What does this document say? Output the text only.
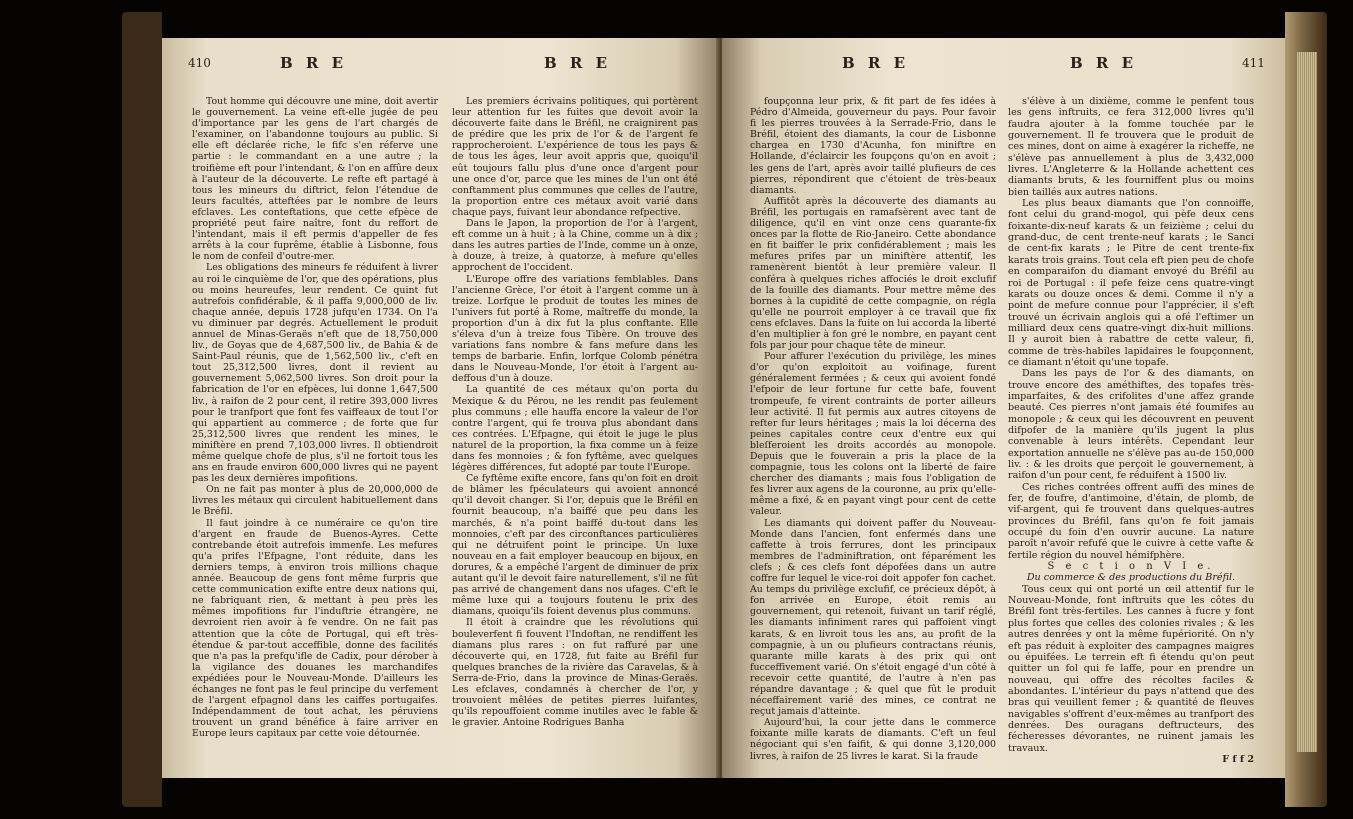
410	B R E	B R E

Tout homme qui découvre une mine, doit avertir le gouvernement. La veine eft-elle jugée de peu d'importance par les gens de l'art chargés de l'examiner, on l'abandonne toujours au public. Si elle eft déclarée riche, le fifc s'en réferve une partie : le commandant en a une autre ; la troifième eft pour l'intendant, & l'on en affûre deux à l'auteur de la découverte. Le refte eft partagé à tous les mineurs du diftrict, felon l'étendue de leurs facultés, atteftées par le nombre de leurs efclaves. Les conteftations, que cette efpèce de propriété peut faire naître, font du reffort de l'intendant, mais il eft permis d'appeller de fes arrêts à la cour fuprême, établie à Lisbonne, fous le nom de confeil d'outre-mer.

Les obligations des mineurs fe réduifent à livrer au roi le cinquième de l'or, que des opérations, plus ou moins heureufes, leur rendent. Ce quint fut autrefois confidérable, & il paffa 9,000,000 de liv. chaque année, depuis 1728 jufqu'en 1734. On l'a vu diminuer par degrés. Actuellement le produit annuel de Minas-Geraës n'eft que de 18,750,000 liv., de Goyas que de 4,687,500 liv., de Bahia & de Saint-Paul réunis, que de 1,562,500 liv., c'eft en tout 25,312,500 livres, dont il revient au gouvernement 5,062,500 livres. Son droit pour la fabrication de l'or en efpèces, lui donne 1,647,500 liv., à raifon de 2 pour cent, il retire 393,000 livres pour le tranfport que font fes vaiffeaux de tout l'or qui appartient au commerce ; de forte que fur 25,312,500 livres que rendent les mines, le miniftère en prend 7,103,000 livres. Il obtiendroit même quelque chofe de plus, s'il ne fortoit tous les ans en fraude environ 600,000 livres qui ne payent pas les deux dernières impofitions.

On ne fait pas monter à plus de 20,000,000 de livres les métaux qui circulent habituellement dans le Bréfil.

Il faut joindre à ce numéraire ce qu'on tire d'argent en fraude de Buenos-Ayres. Cette contrebande étoit autrefois immenfe. Les mefures qu'a prifes l'Efpagne, l'ont réduite, dans les derniers temps, à environ trois millions chaque année. Beaucoup de gens font même furpris que cette communication exifte entre deux nations qui, ne fabriquant rien, & mettant à peu près les mêmes impofitions fur l'induftrie étrangère, ne devroient rien avoir à fe vendre. On ne fait pas attention que la côte de Portugal, qui eft très-étendue & par-tout acceffible, donne des facilités que n'a pas la prefqu'ifle de Cadix, pour dérober à la vigilance des douanes les marchandifes expédiées pour le Nouveau-Monde. D'ailleurs les échanges ne font pas le feul principe du verfement de l'argent efpagnol dans les caiffes portugaifes. Indépendamment de tout achat, les péruviens trouvent un grand bénéfice à faire arriver en Europe leurs capitaux par cette voie détournée.

Les premiers écrivains politiques, qui portèrent leur attention fur les fuites que devoit avoir la découverte faite dans le Bréfil, ne craignirent pas de prédire que les prix de l'or & de l'argent fe rapprocheroient. L'expérience de tous les pays & de tous les âges, leur avoit appris que, quoiqu'il eût toujours fallu plus d'une once d'argent pour une once d'or, parce que les mines de l'un ont été conftamment plus communes que celles de l'autre, la proportion entre ces métaux avoit varié dans chaque pays, fuivant leur abondance refpective.

Dans le Japon, la proportion de l'or à l'argent, eft comme un à huit ; à la Chine, comme un à dix ; dans les autres parties de l'Inde, comme un à onze, à douze, à treize, à quatorze, à mefure qu'elles approchent de l'occident.

L'Europe offre des variations femblables. Dans l'ancienne Grèce, l'or étoit à l'argent comme un à treize. Lorfque le produit de toutes les mines de l'univers fut porté à Rome, maîtreffe du monde, la proportion d'un à dix fut la plus conftante. Elle s'éleva d'un à treize fous Tibère. On trouve des variations fans nombre & fans mefure dans les temps de barbarie. Enfin, lorfque Colomb pénétra dans le Nouveau-Monde, l'or étoit à l'argent au-deffous d'un à douze.

La quantité de ces métaux qu'on porta du Mexique & du Pérou, ne les rendit pas feulement plus communs ; elle hauffa encore la valeur de l'or contre l'argent, qui fe trouva plus abondant dans ces contrées. L'Efpagne, qui étoit le juge le plus naturel de la proportion, la fixa comme un à feize dans fes monnoies ; & fon fyftême, avec quelques légères différences, fut adopté par toute l'Europe.

Ce fyftême exifte encore, fans qu'on foit en droit de blâmer les fpéculateurs qui avoient annoncé qu'il devoit changer. Si l'or, depuis que le Bréfil en fournit beaucoup, n'a baiffé que peu dans les marchés, & n'a point baiffé du-tout dans les monnoies, c'eft par des circonftances particulières qui ne détruifent point le principe. Un luxe nouveau en a fait employer beaucoup en bijoux, en dorures, & a empêché l'argent de diminuer de prix autant qu'il le devoit faire naturellement, s'il ne fût pas arrivé de changement dans nos ufages. C'eft le même luxe qui a toujours foutenu le prix des diamans, quoiqu'ils foient devenus plus communs.

Il étoit à craindre que les révolutions qui bouleverfent fi fouvent l'Indoftan, ne rendiffent les diamans plus rares : on fut raffuré par une découverte qui, en 1728, fut faite au Bréfil fur quelques branches de la rivière das Caravelas, & à Serra-de-Frio, dans la province de Minas-Geraës. Les efclaves, condamnés à chercher de l'or, y trouvoient mêlées de petites pierres luifantes, qu'ils repouffoient comme inutiles avec le fable & le gravier. Antoine Rodrigues Banha

B R E	B R E	411

foupçonna leur prix, & fit part de fes idées à Pédro d'Almeida, gouverneur du pays. Pour favoir fi les pierres trouvées à la Serrade-Frio, dans le Bréfil, étoient des diamants, la cour de Lisbonne chargea en 1730 d'Acunha, fon miniftre en Hollande, d'éclaircir les foupçons qu'on en avoit ; les gens de l'art, après avoir taillé plufieurs de ces pierres, répondirent que c'étoient de très-beaux diamants.

Auffitôt après la découverte des diamants au Bréfil, les portugais en ramafsèrent avec tant de diligence, qu'il en vint onze cens quarante-fix onces par la flotte de Rio-Janeiro. Cette abondance en fit baiffer le prix confidérablement ; mais les mefures prifes par un miniftère attentif, les ramenèrent bientôt à leur première valeur. Il conféra à quelques riches affociés le droit exclufif de la fouille des diamants. Pour mettre même des bornes à la cupidité de cette compagnie, on régla qu'elle ne pourroit employer à ce travail que fix cens efclaves. Dans la fuite on lui accorda la liberté d'en multiplier à fon gré le nombre, en payant cent fols par jour pour chaque tête de mineur.

Pour affurer l'exécution du privilège, les mines d'or qu'on exploitoit au voifinage, furent généralement fermées ; & ceux qui avoient fondé l'efpoir de leur fortune fur cette bafe, fouvent trompeufe, fe virent contraints de porter ailleurs leur activité. Il fut permis aux autres citoyens de refter fur leurs héritages ; mais la loi décerna des peines capitales contre ceux d'entre eux qui bleſferoient les droits accordés au monopole. Depuis que le fouverain a pris la place de la compagnie, tous les colons ont la liberté de faire chercher des diamants ; mais fous l'obligation de fes livrer aux agens de la couronne, au prix qu'elle-même a fixé, & en payant vingt pour cent de cette valeur.

Les diamants qui doivent paffer du Nouveau-Monde dans l'ancien, font enfermés dans une caffette à trois ferrures, dont les principaux membres de l'adminiftration, ont féparément les clefs ; & ces clefs font dépofées dans un autre coffre fur lequel le vice-roi doit appofer fon cachet. Au temps du privilège exclufif, ce précieux dépôt, à fon arrivée en Europe, étoit remis au gouvernement, qui retenoit, fuivant un tarif réglé, les diamants infiniment rares qui paffoient vingt karats, & en livroit tous les ans, au profit de la compagnie, à un ou plufieurs contractans réunis, quarante mille karats à des prix qui ont fucceffivement varié. On s'étoit engagé d'un côté à recevoir cette quantité, de l'autre à n'en pas répandre davantage ; & quel que fût le produit néceffairement varié des mines, ce contrat ne reçut jamais d'atteinte.

Aujourd'hui, la cour jette dans le commerce foixante mille karats de diamants. C'eft un feul négociant qui s'en faifit, & qui donne 3,120,000 livres, à raifon de 25 livres le karat. Si la fraude

s'élève à un dixième, comme le penfent tous les gens inftruits, ce fera 312,000 livres qu'il faudra ajouter à la fomme touchée par le gouvernement. Il fe trouvera que le produit de ces mines, dont on aime à exagérer la richeffe, ne s'élève pas annuellement à plus de 3,432,000 livres. L'Angleterre & la Hollande achettent ces diamants bruts, & les fourniffent plus ou moins bien taillés aux autres nations.

Les plus beaux diamants que l'on connoiffe, font celui du grand-mogol, qui pèfe deux cens foixante-dix-neuf karats & un feizième ; celui du grand-duc, de cent trente-neuf karats ; le Sanci de cent-fix karats ; le Pitre de cent trente-fix karats trois grains. Tout cela eft pien peu de chofe en comparaifon du diamant envoyé du Bréfil au roi de Portugal : il pefe feize cens quatre-vingt karats ou douze onces & demi. Comme il n'y a point de mefure connue pour l'apprécier, il s'eft trouvé un écrivain anglois qui a ofé l'eftimer un milliard deux cens quatre-vingt dix-huit millions. Il y auroit bien à rabattre de cette valeur, fi, comme de très-habiles lapidaires le foupçonnent, ce diamant n'étoit qu'une topafe.

Dans les pays de l'or & des diamants, on trouve encore des améthiftes, des topafes très-imparfaites, & des crifolites d'une affez grande beauté. Ces pierres n'ont jamais été foumifes au monopole ; & ceux qui les découvrent en peuvent difpofer de la manière qu'ils jugent la plus convenable à leurs intérêts. Cependant leur exportation annuelle ne s'élève pas au-de 150,000 liv. : & les droits que perçoit le gouvernement, à raifon d'un pour cent, fe réduifent à 1500 liv.

Ces riches contrées offrent auffi des mines de fer, de foufre, d'antimoine, d'étain, de plomb, de vif-argent, qui fe trouvent dans quelques-autres provinces du Bréfil, fans qu'on fe foit jamais occupé du foin d'en ouvrir aucune. La nature paroît n'avoir refufé que le cuivre à cette vafte & fertile région du nouvel hémifphère.

S e c t i o n V I e.

Du commerce & des productions du Bréfil.

Tous ceux qui ont porté un œil attentif fur le Nouveau-Monde, font inftruits que les côtes du Bréfil font très-fertiles. Les cannes à fucre y font plus fortes que celles des colonies rivales ; & les autres denrées y ont la même fupériorité. On n'y eft pas réduit à exploiter des campagnes maigres ou épuifées. Le terrein eft fi étendu qu'on peut quitter un fol qui fe laffe, pour en prendre un nouveau, qui offre des récoltes faciles & abondantes. L'intérieur du pays n'attend que des bras qui veuillent femer ; & quantité de fleuves navigables s'offrent d'eux-mêmes au tranfport des denrées. Des ouragans deftructeurs, des fécheresses dévorantes, ne ruinent jamais les travaux.

F f f 2
